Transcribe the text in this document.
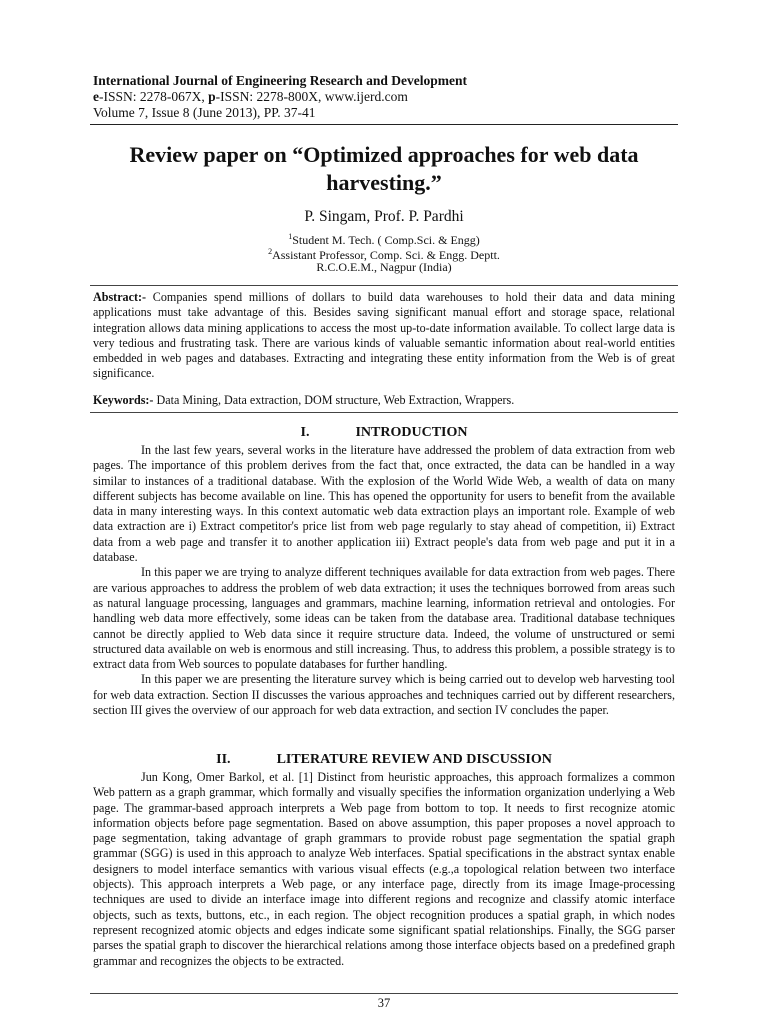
International Journal of Engineering Research and Development
e-ISSN: 2278-067X, p-ISSN: 2278-800X, www.ijerd.com
Volume 7, Issue 8 (June 2013), PP. 37-41
Review paper on “Optimized approaches for web data
harvesting.”
P. Singam, Prof. P. Pardhi
$^1$Student M. Tech. ( Comp.Sci. & Engg)
$^2$Assistant Professor, Comp. Sci. & Engg. Deptt.
R.C.O.E.M., Nagpur (India)
Abstract:- Companies spend millions of dollars to build data warehouses to hold their data and data mining applications must take advantage of this. Besides saving significant manual effort and storage space, relational integration allows data mining applications to access the most up-to-date information available. To collect large data is very tedious and frustrating task. There are various kinds of valuable semantic information about real-world entities embedded in web pages and databases. Extracting and integrating these entity information from the Web is of great significance.
Keywords:- Data Mining, Data extraction, DOM structure, Web Extraction, Wrappers.
I.	INTRODUCTION

In the last few years, several works in the literature have addressed the problem of data extraction from web pages. The importance of this problem derives from the fact that, once extracted, the data can be handled in a way similar to instances of a traditional database. With the explosion of the World Wide Web, a wealth of data on many different subjects has become available on line. This has opened the opportunity for users to benefit from the available data in many interesting ways. In this context automatic web data extraction plays an important role. Example of web data extraction are i) Extract competitor's price list from web page regularly to stay ahead of competition, ii) Extract data from a web page and transfer it to another application iii) Extract people's data from web page and put it in a database.

In this paper we are trying to analyze different techniques available for data extraction from web pages. There are various approaches to address the problem of web data extraction; it uses the techniques borrowed from areas such as natural language processing, languages and grammars, machine learning, information retrieval and ontologies. For handling web data more effectively, some ideas can be taken from the database area. Traditional database techniques cannot be directly applied to Web data since it require structure data. Indeed, the volume of unstructured or semi structured data available on web is enormous and still increasing. Thus, to address this problem, a possible strategy is to extract data from Web sources to populate databases for further handling.

In this paper we are presenting the literature survey which is being carried out to develop web harvesting tool for web data extraction. Section II discusses the various approaches and techniques carried out by different researchers, section III gives the overview of our approach for web data extraction, and section IV concludes the paper.

II.	LITERATURE REVIEW AND DISCUSSION

Jun Kong, Omer Barkol, et al. [1] Distinct from heuristic approaches, this approach formalizes a common Web pattern as a graph grammar, which formally and visually specifies the information organization underlying a Web page. The grammar-based approach interprets a Web page from bottom to top. It needs to first recognize atomic information objects before page segmentation. Based on above assumption, this paper proposes a novel approach to page segmentation, taking advantage of graph grammars to provide robust page segmentation the spatial graph grammar (SGG) is used in this approach to analyze Web interfaces. Spatial specifications in the abstract syntax enable designers to model interface semantics with various visual effects (e.g.,a topological relation between two interface objects). This approach interprets a Web page, or any interface page, directly from its image Image-processing techniques are used to divide an interface image into different regions and recognize and classify atomic interface objects, such as texts, buttons, etc., in each region. The object recognition produces a spatial graph, in which nodes represent recognized atomic objects and edges indicate some significant spatial relationships. Finally, the SGG parser parses the spatial graph to discover the hierarchical relations among those interface objects based on a predefined graph grammar and recognizes the objects to be extracted.

37
